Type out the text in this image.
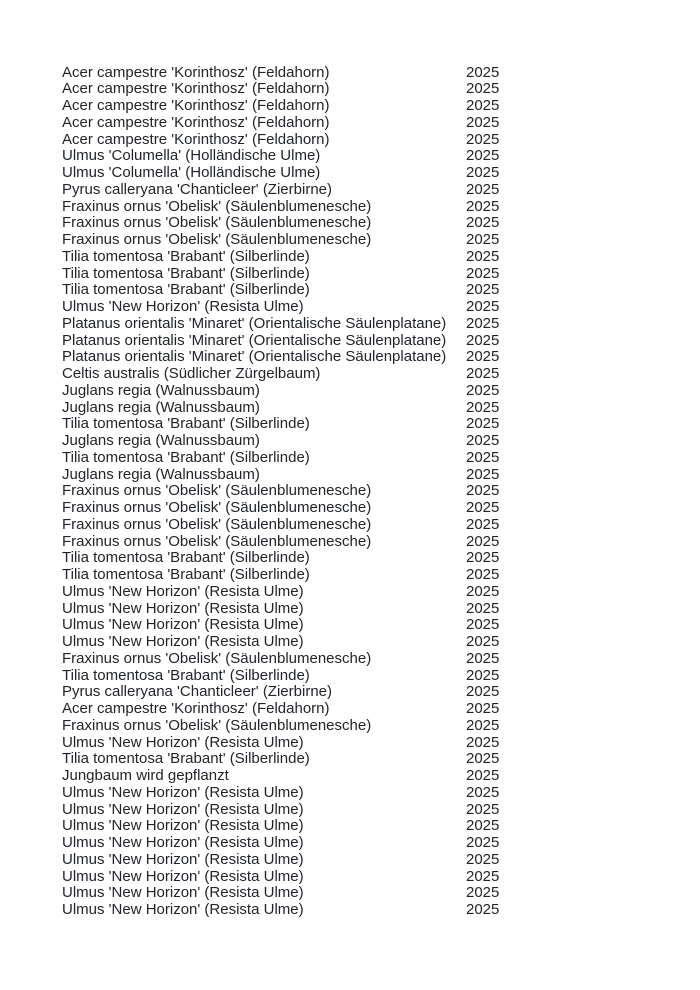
Acer campestre 'Korinthosz' (Feldahorn)	2025
Acer campestre 'Korinthosz' (Feldahorn)	2025
Acer campestre 'Korinthosz' (Feldahorn)	2025
Acer campestre 'Korinthosz' (Feldahorn)	2025
Acer campestre 'Korinthosz' (Feldahorn)	2025
Ulmus 'Columella' (Holländische Ulme)	2025
Ulmus 'Columella' (Holländische Ulme)	2025
Pyrus calleryana 'Chanticleer' (Zierbirne)	2025
Fraxinus ornus 'Obelisk' (Säulenblumenesche)	2025
Fraxinus ornus 'Obelisk' (Säulenblumenesche)	2025
Fraxinus ornus 'Obelisk' (Säulenblumenesche)	2025
Tilia tomentosa 'Brabant' (Silberlinde)	2025
Tilia tomentosa 'Brabant' (Silberlinde)	2025
Tilia tomentosa 'Brabant' (Silberlinde)	2025
Ulmus 'New Horizon' (Resista Ulme)	2025
Platanus orientalis 'Minaret' (Orientalische Säulenplatane)	2025
Platanus orientalis 'Minaret' (Orientalische Säulenplatane)	2025
Platanus orientalis 'Minaret' (Orientalische Säulenplatane)	2025
Celtis australis (Südlicher Zürgelbaum)	2025
Juglans regia (Walnussbaum)	2025
Juglans regia (Walnussbaum)	2025
Tilia tomentosa 'Brabant' (Silberlinde)	2025
Juglans regia (Walnussbaum)	2025
Tilia tomentosa 'Brabant' (Silberlinde)	2025
Juglans regia (Walnussbaum)	2025
Fraxinus ornus 'Obelisk' (Säulenblumenesche)	2025
Fraxinus ornus 'Obelisk' (Säulenblumenesche)	2025
Fraxinus ornus 'Obelisk' (Säulenblumenesche)	2025
Fraxinus ornus 'Obelisk' (Säulenblumenesche)	2025
Tilia tomentosa 'Brabant' (Silberlinde)	2025
Tilia tomentosa 'Brabant' (Silberlinde)	2025
Ulmus 'New Horizon' (Resista Ulme)	2025
Ulmus 'New Horizon' (Resista Ulme)	2025
Ulmus 'New Horizon' (Resista Ulme)	2025
Ulmus 'New Horizon' (Resista Ulme)	2025
Fraxinus ornus 'Obelisk' (Säulenblumenesche)	2025
Tilia tomentosa 'Brabant' (Silberlinde)	2025
Pyrus calleryana 'Chanticleer' (Zierbirne)	2025
Acer campestre 'Korinthosz' (Feldahorn)	2025
Fraxinus ornus 'Obelisk' (Säulenblumenesche)	2025
Ulmus 'New Horizon' (Resista Ulme)	2025
Tilia tomentosa 'Brabant' (Silberlinde)	2025
Jungbaum wird gepflanzt	2025
Ulmus 'New Horizon' (Resista Ulme)	2025
Ulmus 'New Horizon' (Resista Ulme)	2025
Ulmus 'New Horizon' (Resista Ulme)	2025
Ulmus 'New Horizon' (Resista Ulme)	2025
Ulmus 'New Horizon' (Resista Ulme)	2025
Ulmus 'New Horizon' (Resista Ulme)	2025
Ulmus 'New Horizon' (Resista Ulme)	2025
Ulmus 'New Horizon' (Resista Ulme)	2025
